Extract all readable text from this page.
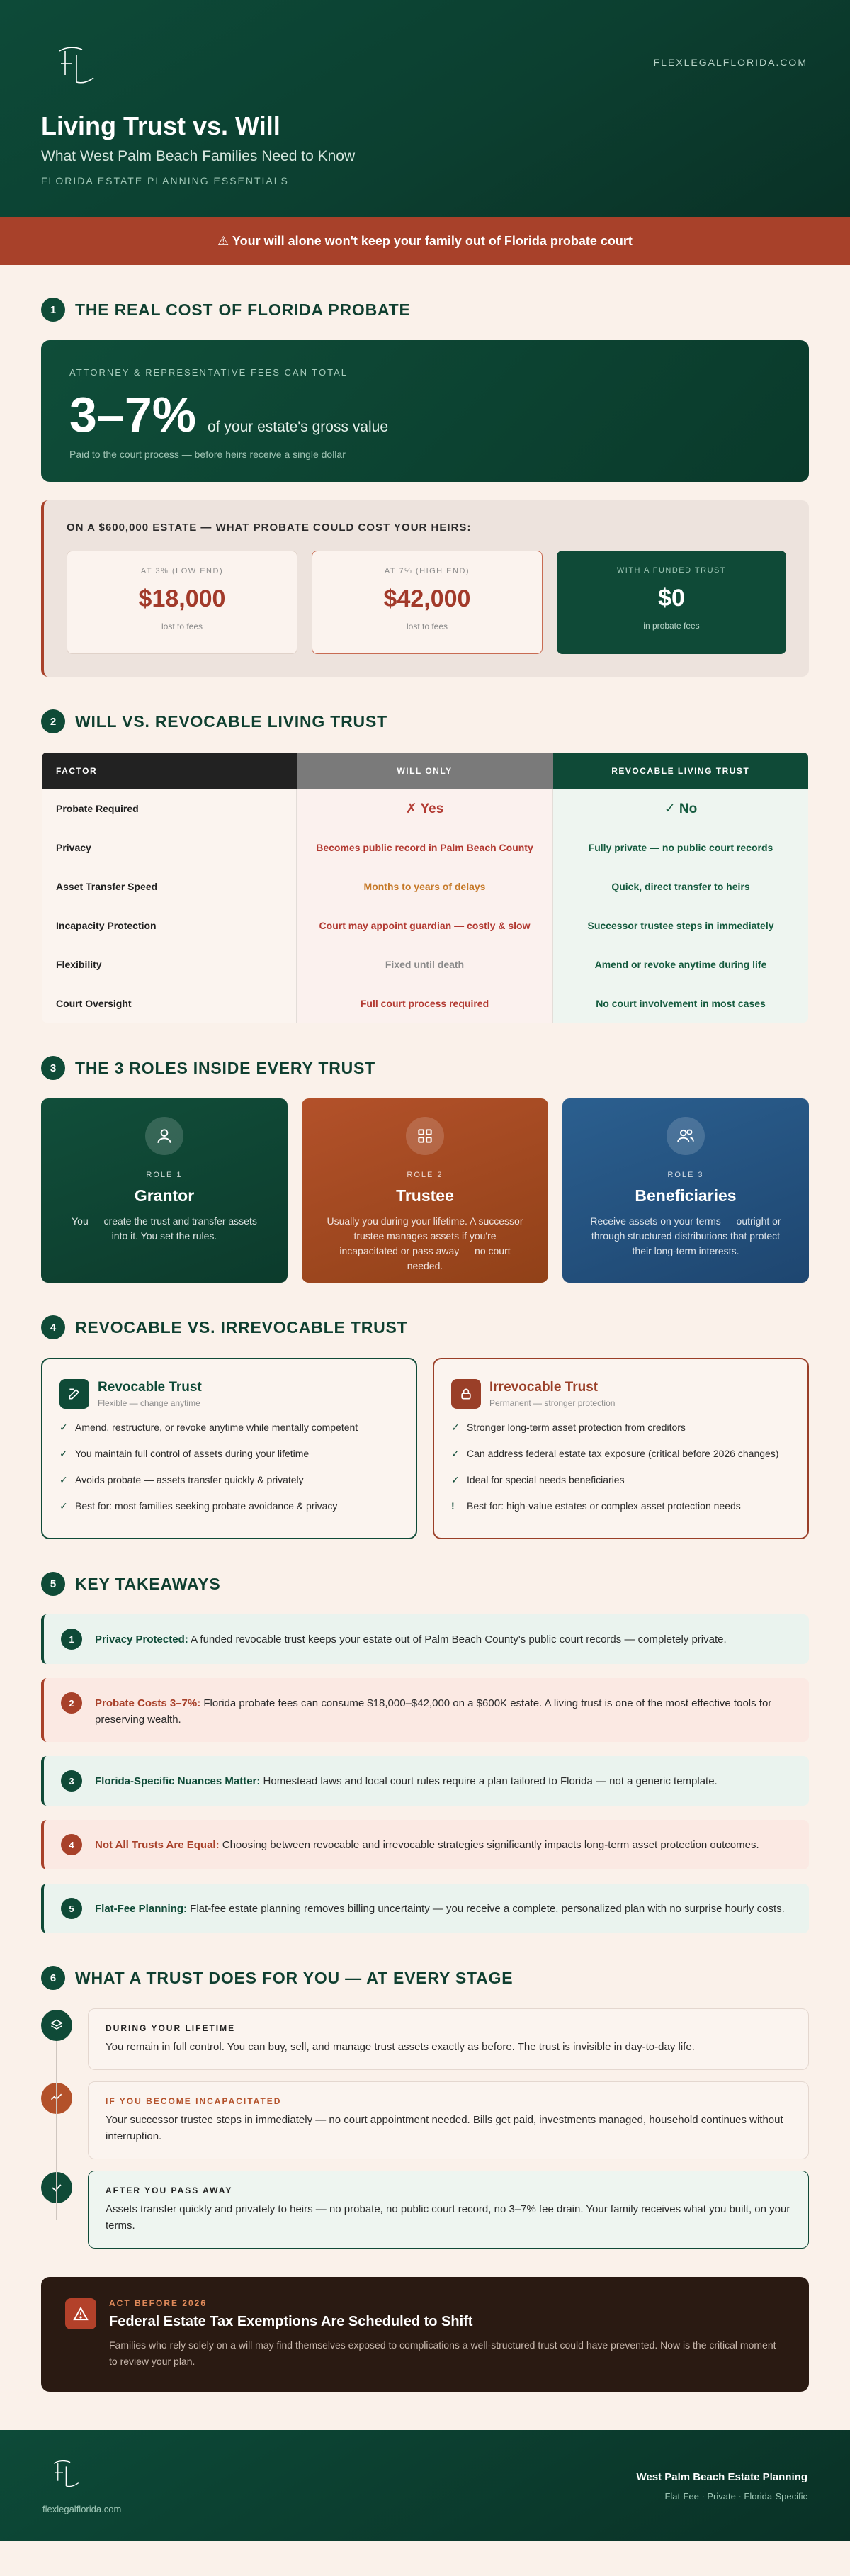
FLEXLEGALFLORIDA.COM
Living Trust vs. Will
What West Palm Beach Families Need to Know
FLORIDA ESTATE PLANNING ESSENTIALS
⚠ Your will alone won't keep your family out of Florida probate court
1	THE REAL COST OF FLORIDA PROBATE
ATTORNEY & REPRESENTATIVE FEES CAN TOTAL
3–7% of your estate's gross value
Paid to the court process — before heirs receive a single dollar
ON A $600,000 ESTATE — WHAT PROBATE COULD COST YOUR HEIRS:
AT 3% (LOW END)
$18,000
lost to fees
AT 7% (HIGH END)
$42,000
lost to fees
WITH A FUNDED TRUST
$0
in probate fees
2	WILL VS. REVOCABLE LIVING TRUST
FACTOR	WILL ONLY	REVOCABLE LIVING TRUST
Probate Required	✗ Yes	✓ No
Privacy	Becomes public record in Palm Beach County	Fully private — no public court records
Asset Transfer Speed	Months to years of delays	Quick, direct transfer to heirs
Incapacity Protection	Court may appoint guardian — costly & slow	Successor trustee steps in immediately
Flexibility	Fixed until death	Amend or revoke anytime during life
Court Oversight	Full court process required	No court involvement in most cases
3	THE 3 ROLES INSIDE EVERY TRUST
ROLE 1
Grantor
You — create the trust and transfer assets into it. You set the rules.
ROLE 2
Trustee
Usually you during your lifetime. A successor trustee manages assets if you're incapacitated or pass away — no court needed.
ROLE 3
Beneficiaries
Receive assets on your terms — outright or through structured distributions that protect their long-term interests.
4	REVOCABLE VS. IRREVOCABLE TRUST
Revocable Trust
Flexible — change anytime
✓ Amend, restructure, or revoke anytime while mentally competent
✓ You maintain full control of assets during your lifetime
✓ Avoids probate — assets transfer quickly & privately
✓ Best for: most families seeking probate avoidance & privacy
Irrevocable Trust
Permanent — stronger protection
✓ Stronger long-term asset protection from creditors
✓ Can address federal estate tax exposure (critical before 2026 changes)
✓ Ideal for special needs beneficiaries
!	Best for: high-value estates or complex asset protection needs
5	KEY TAKEAWAYS
1	Privacy Protected: A funded revocable trust keeps your estate out of Palm Beach County's public court records — completely private.
2	Probate Costs 3–7%: Florida probate fees can consume $18,000–$42,000 on a $600K estate. A living trust is one of the most effective tools for preserving wealth.
3	Florida-Specific Nuances Matter: Homestead laws and local court rules require a plan tailored to Florida — not a generic template.
4	Not All Trusts Are Equal: Choosing between revocable and irrevocable strategies significantly impacts long-term asset protection outcomes.
5	Flat-Fee Planning: Flat-fee estate planning removes billing uncertainty — you receive a complete, personalized plan with no surprise hourly costs.
6	WHAT A TRUST DOES FOR YOU — AT EVERY STAGE
DURING YOUR LIFETIME
You remain in full control. You can buy, sell, and manage trust assets exactly as before. The trust is invisible in day-to-day life.
IF YOU BECOME INCAPACITATED
Your successor trustee steps in immediately — no court appointment needed. Bills get paid, investments managed, household continues without interruption.
AFTER YOU PASS AWAY
Assets transfer quickly and privately to heirs — no probate, no public court record, no 3–7% fee drain. Your family receives what you built, on your terms.
ACT BEFORE 2026
Federal Estate Tax Exemptions Are Scheduled to Shift
Families who rely solely on a will may find themselves exposed to complications a well-structured trust could have prevented. Now is the critical moment to review your plan.
flexlegalflorida.com
West Palm Beach Estate Planning
Flat-Fee · Private · Florida-Specific
